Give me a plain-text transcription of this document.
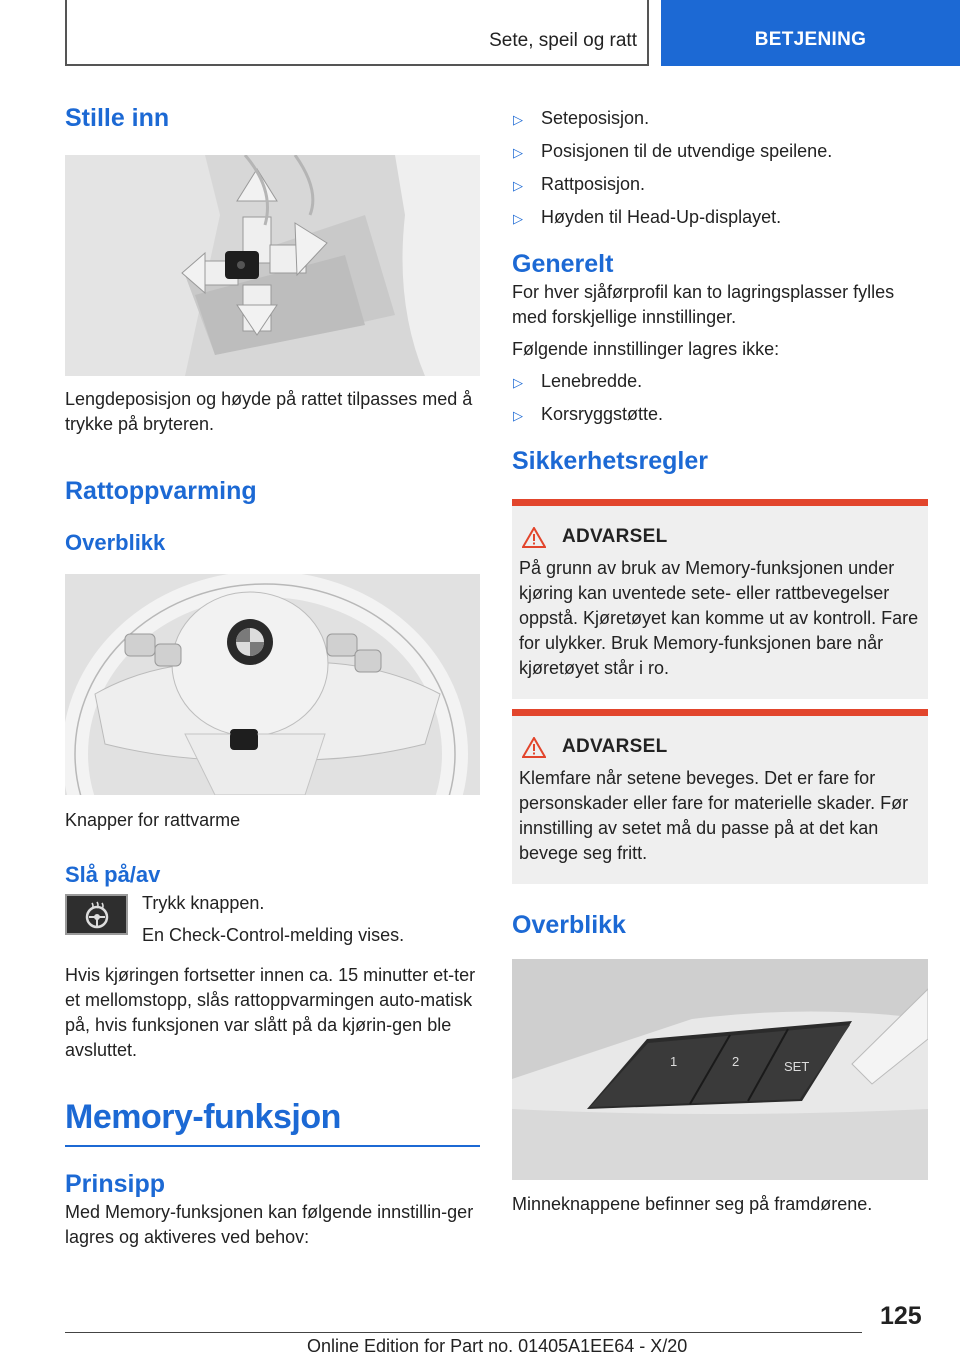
Sete, speil og ratt	BETJENING
Stille inn
Lengdeposisjon og høyde på rattet tilpasses med å trykke på bryteren.
Rattoppvarming
Overblikk
Knapper for rattvarme
Slå på/av
Trykk knappen.
En Check-Control-melding vises.
Hvis kjøringen fortsetter innen ca. 15 minutter et-ter et mellomstopp, slås rattoppvarmingen auto-matisk på, hvis funksjonen var slått på da kjørin-gen ble avsluttet.
Memory-funksjon
Prinsipp
Med Memory-funksjonen kan følgende innstillin-ger lagres og aktiveres ved behov:
▷	Seteposisjon.
▷	Posisjonen til de utvendige speilene.
▷	Rattposisjon.
▷	Høyden til Head-Up-displayet.
Generelt
For hver sjåførprofil kan to lagringsplasser fylles med forskjellige innstillinger.
Følgende innstillinger lagres ikke:
▷	Lenebredde.
▷	Korsryggstøtte.
Sikkerhetsregler
ADVARSEL
På grunn av bruk av Memory-funksjonen under kjøring kan uventede sete- eller rattbevegelser oppstå. Kjøretøyet kan komme ut av kontroll. Fare for ulykker. Bruk Memory-funksjonen bare når kjøretøyet står i ro.
ADVARSEL
Klemfare når setene beveges. Det er fare for personskader eller fare for materielle skader. Før innstilling av setet må du passe på at det kan bevege seg fritt.
Overblikk
1	2	SET
Minneknappene befinner seg på framdørene.
125
Online Edition for Part no. 01405A1EE64 - X/20
